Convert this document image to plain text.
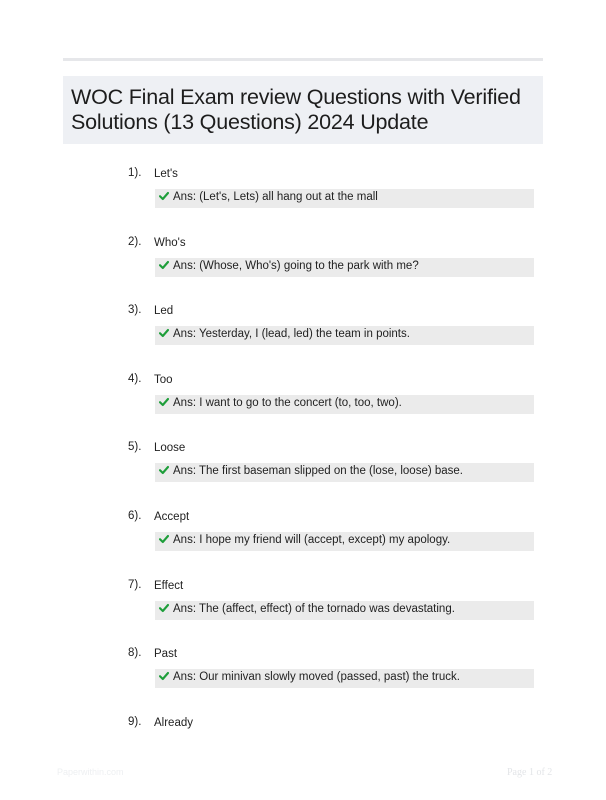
WOC Final Exam review Questions with Verified
Solutions (13 Questions) 2024 Update
1). Let's
Ans: (Let's, Lets) all hang out at the mall
2). Who's
Ans: (Whose, Who's) going to the park with me?
3). Led
Ans: Yesterday, I (lead, led) the team in points.
4). Too
Ans: I want to go to the concert (to, too, two).
5). Loose
Ans: The first baseman slipped on the (lose, loose) base.
6). Accept
Ans: I hope my friend will (accept, except) my apology.
7). Effect
Ans: The (affect, effect) of the tornado was devastating.
8). Past
Ans: Our minivan slowly moved (passed, past) the truck.
9). Already
Paperwithin.com	Page 1 of 2
